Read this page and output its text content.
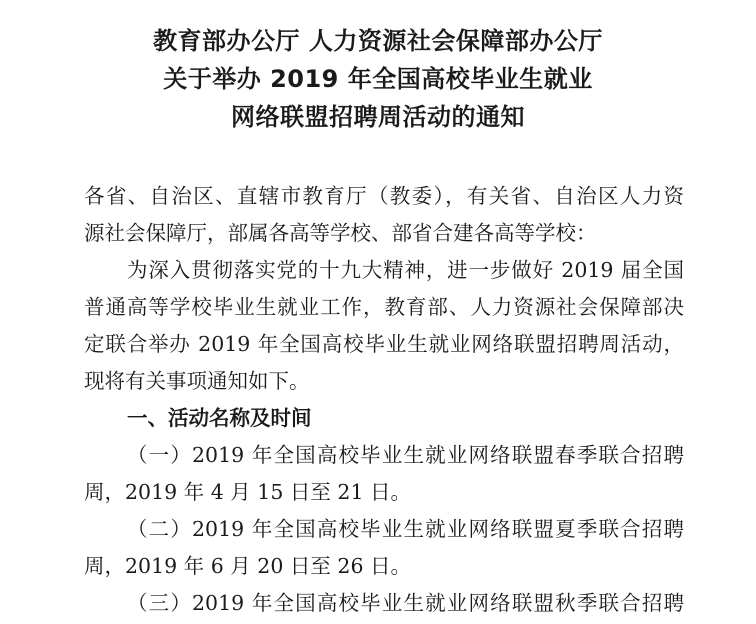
教育部办公厅 人力资源社会保障部办公厅
关于举办 2019 年全国高校毕业生就业
网络联盟招聘周活动的通知
各省、自治区、直辖市教育厅（教委），有关省、自治区人力资
源社会保障厅，部属各高等学校、部省合建各高等学校：
为深入贯彻落实党的十九大精神，进一步做好 2019 届全国
普通高等学校毕业生就业工作，教育部、人力资源社会保障部决
定联合举办 2019 年全国高校毕业生就业网络联盟招聘周活动，
现将有关事项通知如下。
一、活动名称及时间
（一）2019 年全国高校毕业生就业网络联盟春季联合招聘
周，2019 年 4 月 15 日至 21 日。
（二）2019 年全国高校毕业生就业网络联盟夏季联合招聘
周，2019 年 6 月 20 日至 26 日。
（三）2019 年全国高校毕业生就业网络联盟秋季联合招聘
